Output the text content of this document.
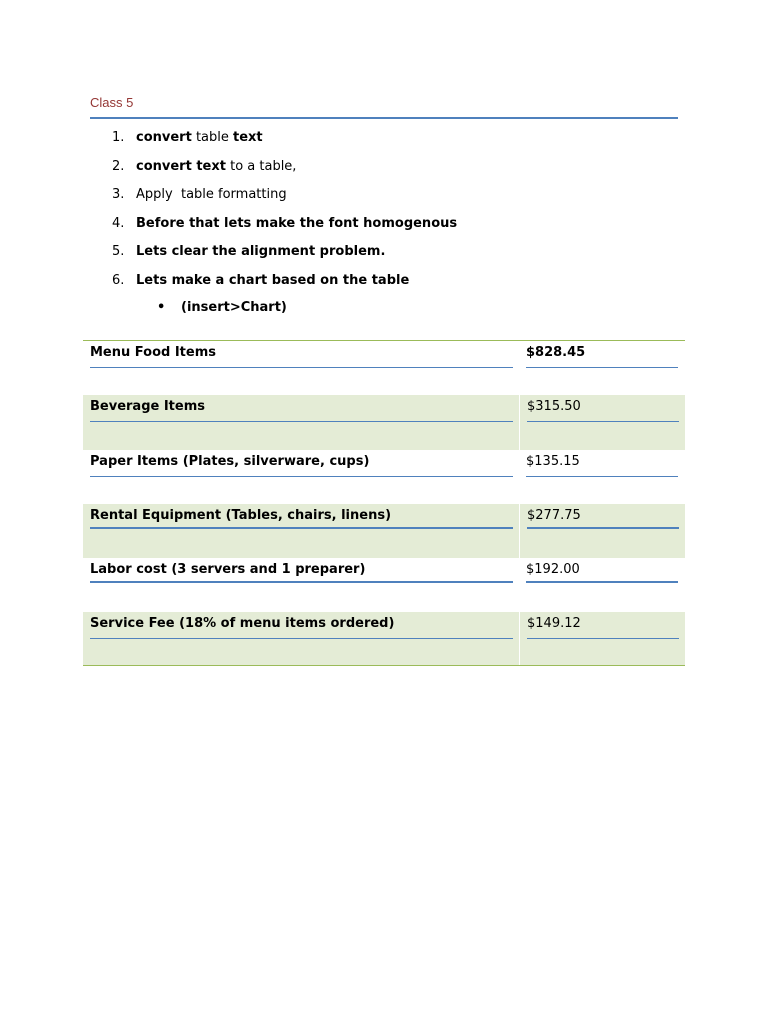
Class 5
1. convert table text
2. convert text to a table,
3. Apply  table formatting
4. Before that lets make the font homogenous
5. Lets clear the alignment problem.
6. Lets make a chart based on the table
• (insert>Chart)
Menu Food Items	$828.45
Beverage Items	$315.50
Paper Items (Plates, silverware, cups)	$135.15
Rental Equipment (Tables, chairs, linens)	$277.75
Labor cost (3 servers and 1 preparer)	$192.00
Service Fee (18% of menu items ordered)	$149.12
